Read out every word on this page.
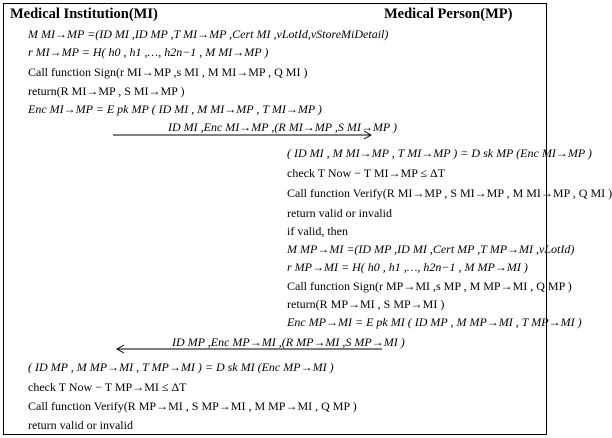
Medical Institution(MI)	Medical Person(MP)
M MI→MP =(ID MI ,ID MP ,T MI→MP ,Cert MI ,vLotId,vStoreMiDetail)
r MI→MP = H( h0 , h1 ,…, h2n−1 , M MI→MP )
Call function Sign(r MI→MP ,s MI , M MI→MP , Q MI )
return(R MI→MP , S MI→MP )
Enc MI→MP = E pk MP ( ID MI , M MI→MP , T MI→MP )
ID MI ,Enc MI→MP ,(R MI→MP ,S MI→MP )
( ID MI , M MI→MP , T MI→MP ) = D sk MP (Enc MI→MP )
check T Now − T MI→MP ≤ ΔT
Call function Verify(R MI→MP , S MI→MP , M MI→MP , Q MI )
return valid or invalid
if valid, then
M MP→MI =(ID MP ,ID MI ,Cert MP ,T MP→MI ,vLotId)
r MP→MI = H( h0 , h1 ,…, h2n−1 , M MP→MI )
Call function Sign(r MP→MI ,s MP , M MP→MI , Q MP )
return(R MP→MI , S MP→MI )
Enc MP→MI = E pk MI ( ID MP , M MP→MI , T MP→MI )
ID MP ,Enc MP→MI ,(R MP→MI ,S MP→MI )
( ID MP , M MP→MI , T MP→MI ) = D sk MI (Enc MP→MI )
check T Now − T MP→MI ≤ ΔT
Call function Verify(R MP→MI , S MP→MI , M MP→MI , Q MP )
return valid or invalid
